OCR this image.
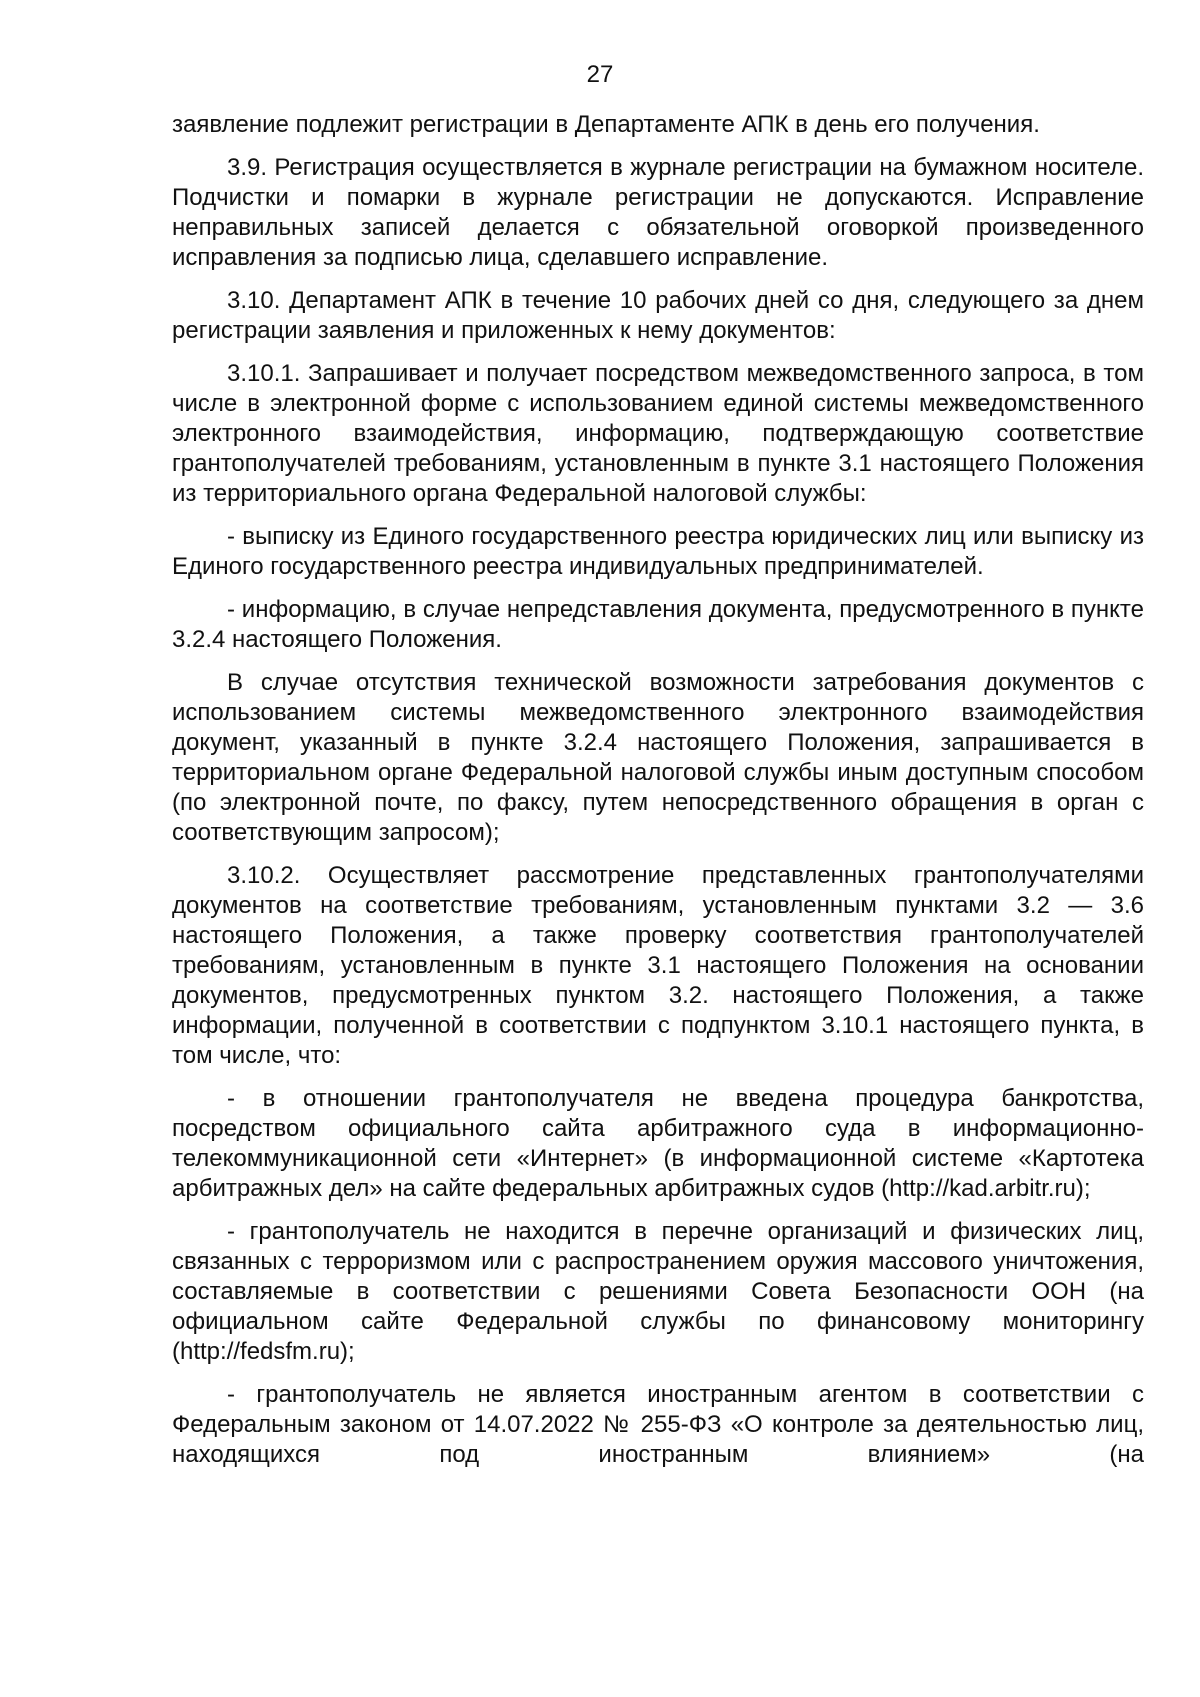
27

заявление подлежит регистрации в Департаменте АПК в день его получения.

3.9. Регистрация осуществляется в журнале регистрации на бумажном носителе. Подчистки и помарки в журнале регистрации не допускаются. Исправление неправильных записей делается с обязательной оговоркой произведенного исправления за подписью лица, сделавшего исправление.

3.10. Департамент АПК в течение 10 рабочих дней со дня, следующего за днем регистрации заявления и приложенных к нему документов:

3.10.1. Запрашивает и получает посредством межведомственного запроса, в том числе в электронной форме с использованием единой системы межведомственного электронного взаимодействия, информацию, подтверждающую соответствие грантополучателей требованиям, установленным в пункте 3.1 настоящего Положения из территориального органа Федеральной налоговой службы:

- выписку из Единого государственного реестра юридических лиц или выписку из Единого государственного реестра индивидуальных предпринимателей.

- информацию, в случае непредставления документа, предусмотренного в пункте 3.2.4 настоящего Положения.

В случае отсутствия технической возможности затребования документов с использованием системы межведомственного электронного взаимодействия документ, указанный в пункте 3.2.4 настоящего Положения, запрашивается в территориальном органе Федеральной налоговой службы иным доступным способом (по электронной почте, по факсу, путем непосредственного обращения в орган с соответствующим запросом);

3.10.2. Осуществляет рассмотрение представленных грантополучателями документов на соответствие требованиям, установленным пунктами 3.2 — 3.6 настоящего Положения, а также проверку соответствия грантополучателей требованиям, установленным в пункте 3.1 настоящего Положения на основании документов, предусмотренных пунктом 3.2. настоящего Положения, а также информации, полученной в соответствии с подпунктом 3.10.1 настоящего пункта, в том числе, что:

- в отношении грантополучателя не введена процедура банкротства, посредством официального сайта арбитражного суда в информационно-телекоммуникационной сети «Интернет» (в информационной системе «Картотека арбитражных дел» на сайте федеральных арбитражных судов (http://kad.arbitr.ru);

- грантополучатель не находится в перечне организаций и физических лиц, связанных с терроризмом или с распространением оружия массового уничтожения, составляемые в соответствии с решениями Совета Безопасности ООН (на официальном сайте Федеральной службы по финансовому мониторингу (http://fedsfm.ru);

- грантополучатель не является иностранным агентом в соответствии с Федеральным законом от 14.07.2022 № 255-ФЗ «О контроле за деятельностью лиц, находящихся под иностранным влиянием» (на
